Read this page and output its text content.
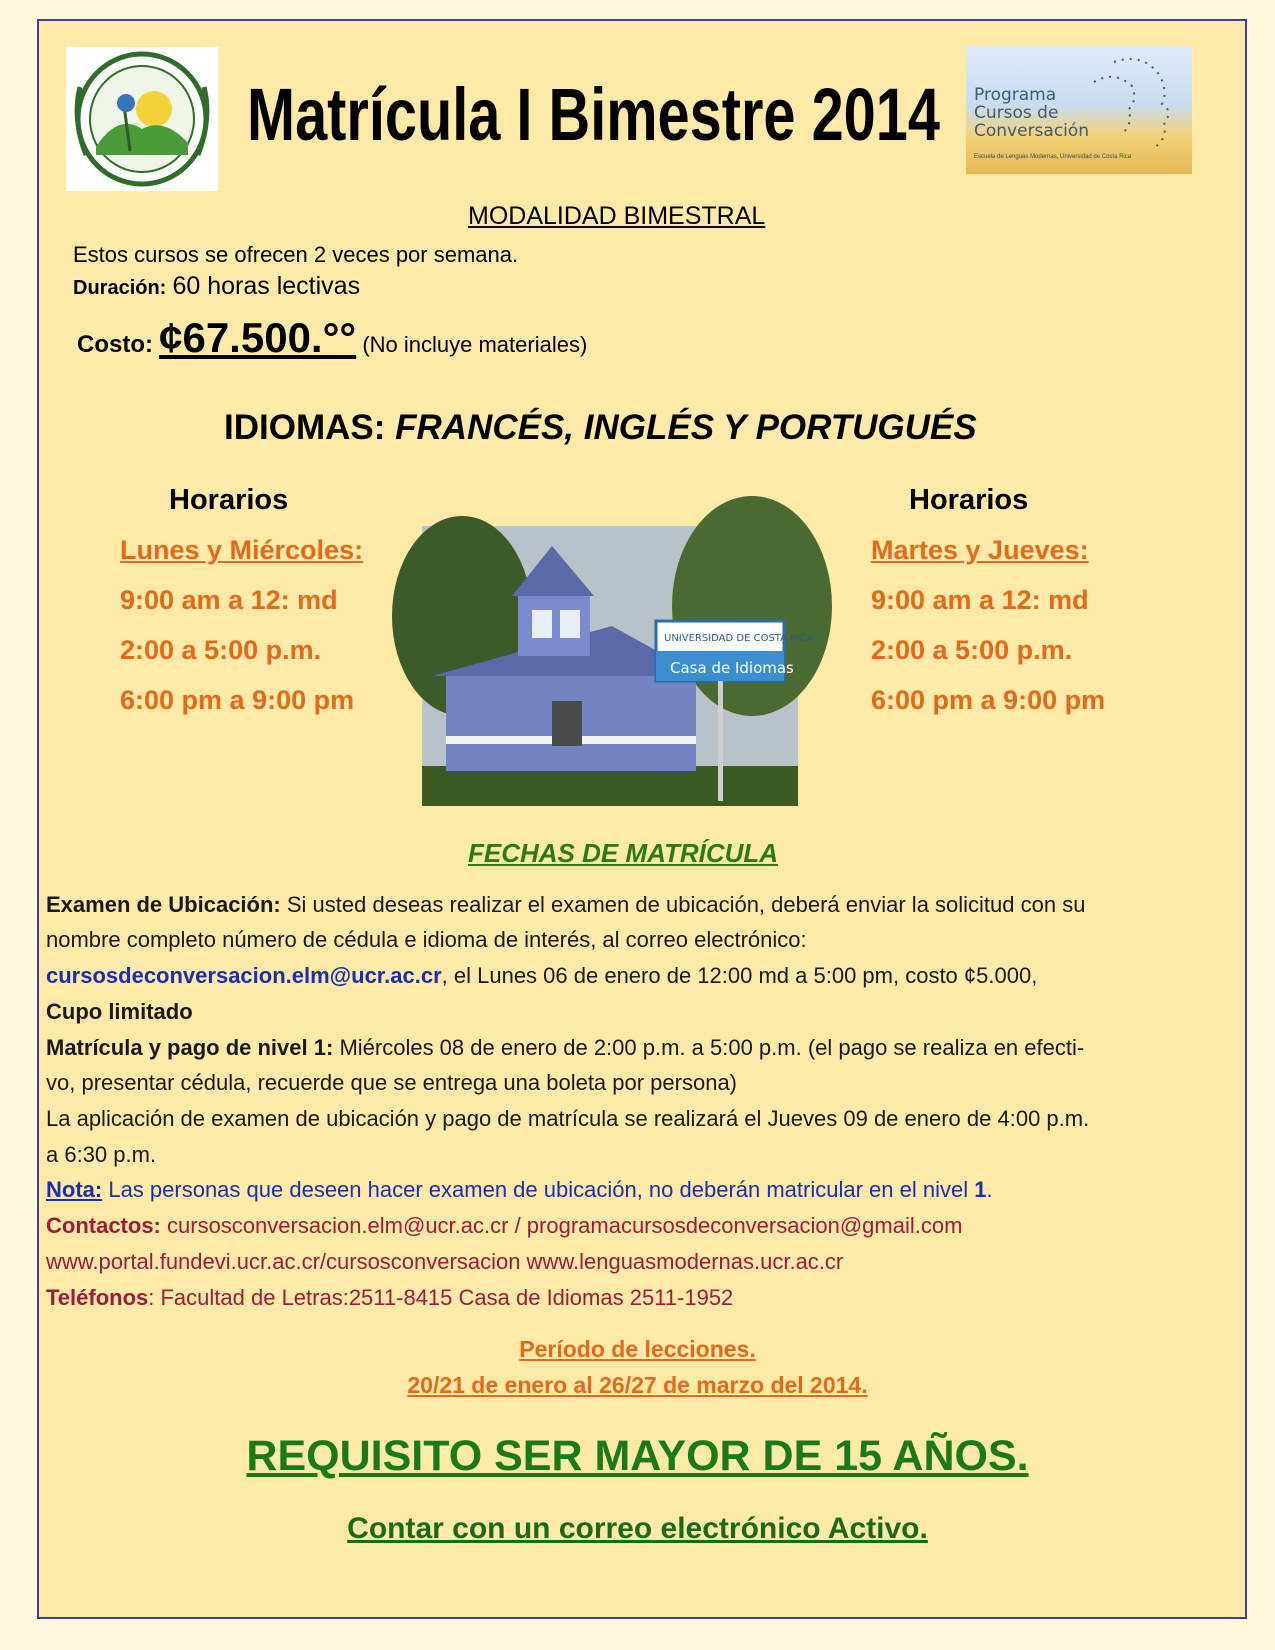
Matrícula I Bimestre 2014 Programa
Cursos de
Conversación
Escuela de Lenguas Modernas, Universidad de Costa Rica
MODALIDAD BIMESTRAL
Estos cursos se ofrecen 2 veces por semana.
Duración: 60 horas lectivas
Costo: ¢67.500.°° (No incluye materiales)
IDIOMAS: FRANCÉS, INGLÉS Y PORTUGUÉS
Horarios
Lunes y Miércoles:
9:00 am a 12: md
2:00 a 5:00 p.m.
6:00 pm a 9:00 pm
UNIVERSIDAD DE COSTA RICA
Casa de Idiomas
Horarios
Martes y Jueves:
9:00 am a 12: md
2:00 a 5:00 p.m.
6:00 pm a 9:00 pm
FECHAS DE MATRÍCULA
Examen de Ubicación: Si usted deseas realizar el examen de ubicación, deberá enviar la solicitud con su
nombre completo número de cédula e idioma de interés, al correo electrónico:
cursosdeconversacion.elm@ucr.ac.cr, el Lunes 06 de enero de 12:00 md a 5:00 pm, costo ¢5.000,
Cupo limitado
Matrícula y pago de nivel 1: Miércoles 08 de enero de 2:00 p.m. a 5:00 p.m. (el pago se realiza en efecti-
vo, presentar cédula, recuerde que se entrega una boleta por persona)
La aplicación de examen de ubicación y pago de matrícula se realizará el Jueves 09 de enero de 4:00 p.m.
a 6:30 p.m.
Nota: Las personas que deseen hacer examen de ubicación, no deberán matricular en el nivel 1.
Contactos: cursosconversacion.elm@ucr.ac.cr / programacursosdeconversacion@gmail.com
www.portal.fundevi.ucr.ac.cr/cursosconversacion www.lenguasmodernas.ucr.ac.cr
Teléfonos: Facultad de Letras:2511-8415 Casa de Idiomas 2511-1952
Período de lecciones.
20/21 de enero al 26/27 de marzo del 2014.
REQUISITO SER MAYOR DE 15 AÑOS.
Contar con un correo electrónico Activo.
